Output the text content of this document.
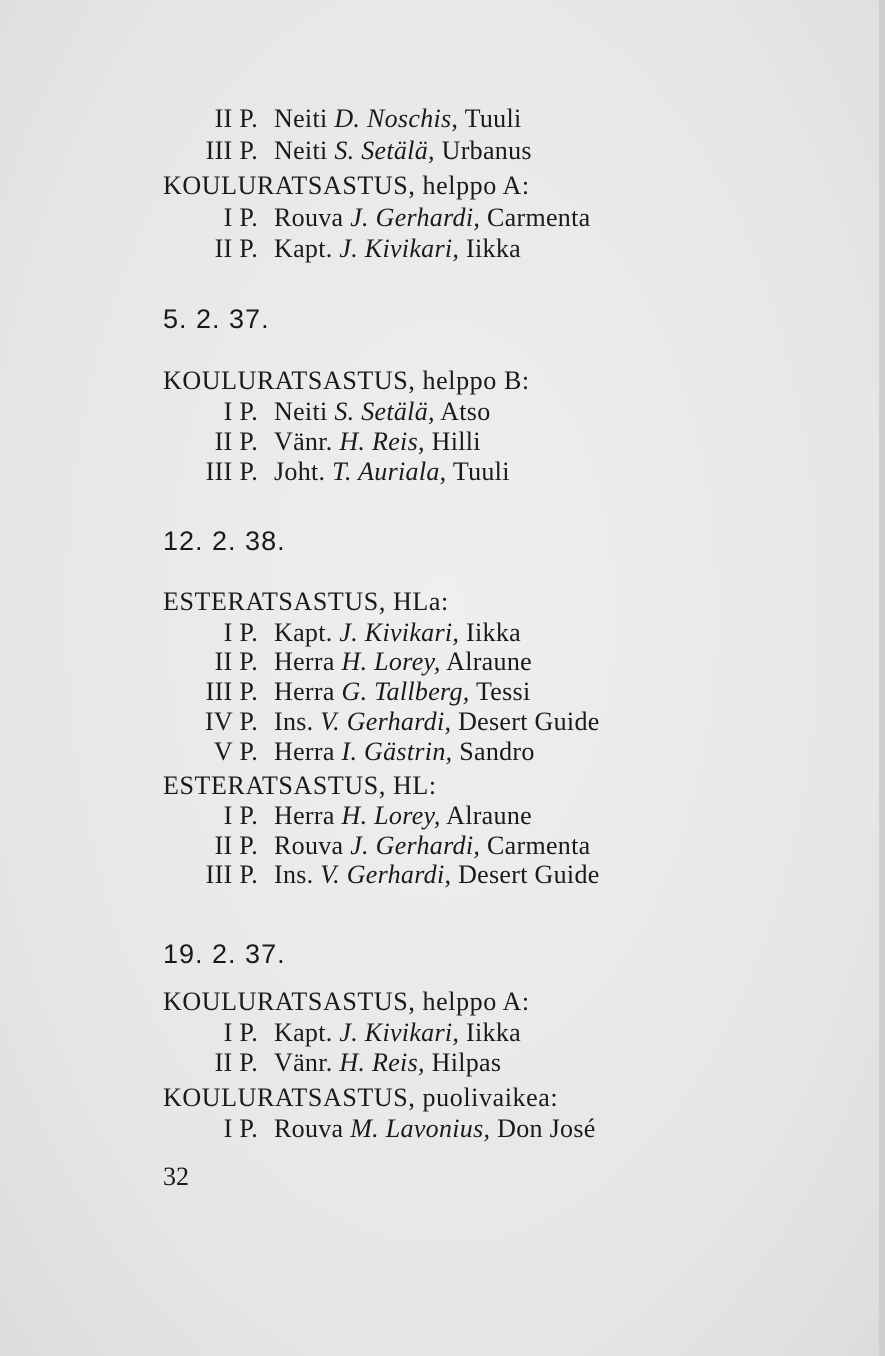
II P. Neiti D. Noschis, Tuuli
III P. Neiti S. Setälä, Urbanus
KOULURATSASTUS, helppo A:
I P. Rouva J. Gerhardi, Carmenta
II P. Kapt. J. Kivikari, Iikka
5. 2. 37.
KOULURATSASTUS, helppo B:
I P. Neiti S. Setälä, Atso
II P. Vänr. H. Reis, Hilli
III P. Joht. T. Auriala, Tuuli
12. 2. 38.
ESTERATSASTUS, HLa:
I P. Kapt. J. Kivikari, Iikka
II P. Herra H. Lorey, Alraune
III P. Herra G. Tallberg, Tessi
IV P. Ins. V. Gerhardi, Desert Guide
V P. Herra I. Gästrin, Sandro
ESTERATSASTUS, HL:
I P. Herra H. Lorey, Alraune
II P. Rouva J. Gerhardi, Carmenta
III P. Ins. V. Gerhardi, Desert Guide
19. 2. 37.
KOULURATSASTUS, helppo A:
I P. Kapt. J. Kivikari, Iikka
II P. Vänr. H. Reis, Hilpas
KOULURATSASTUS, puolivaikea:
I P. Rouva M. Lavonius, Don José
32
